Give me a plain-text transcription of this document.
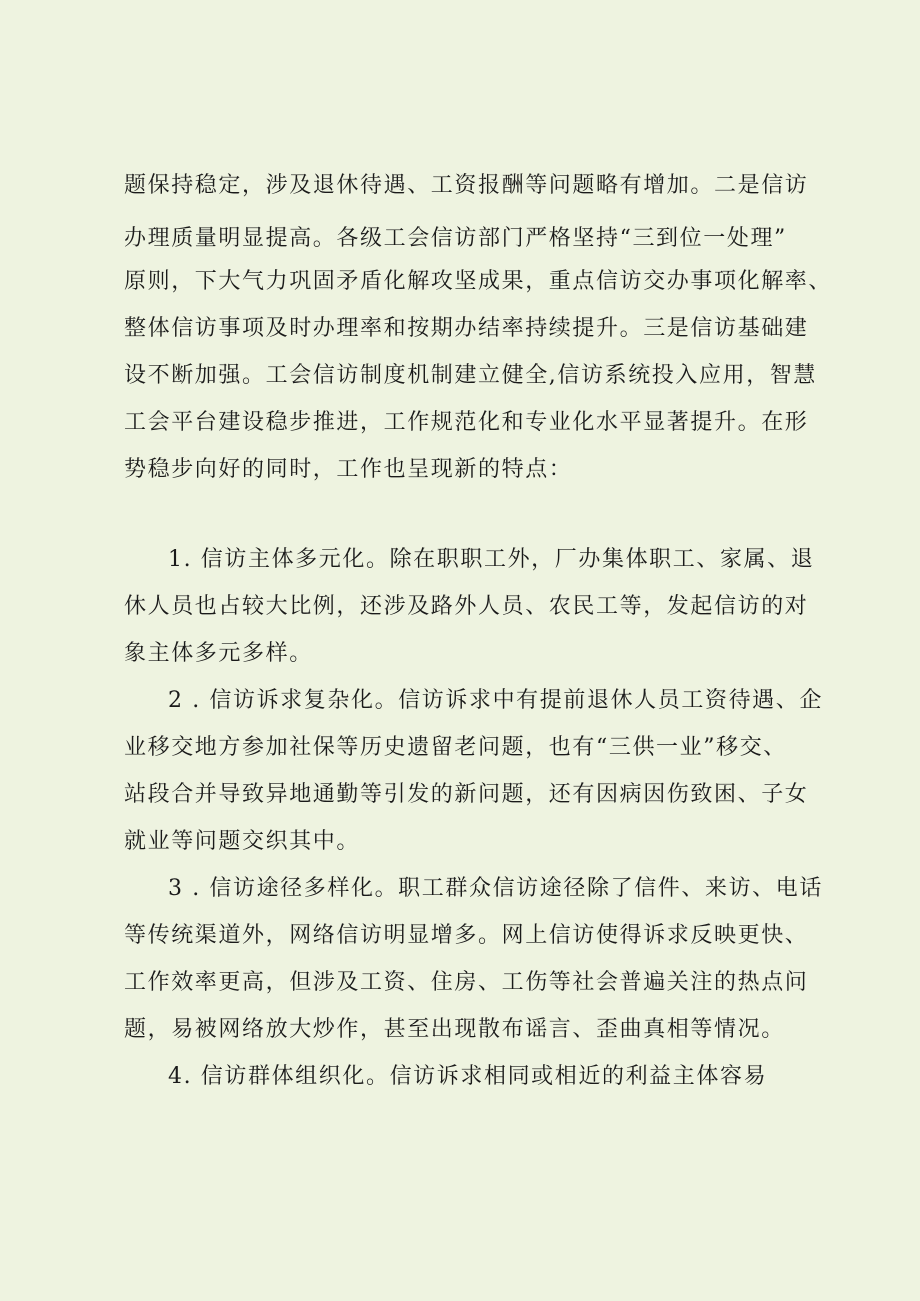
题保持稳定，涉及退休待遇、工资报酬等问题略有增加。二是信访
办理质量明显提高。各级工会信访部门严格坚持“三到位一处理”
原则，下大气力巩固矛盾化解攻坚成果，重点信访交办事项化解率、
整体信访事项及时办理率和按期办结率持续提升。三是信访基础建
设不断加强。工会信访制度机制建立健全,信访系统投入应用，智慧
工会平台建设稳步推进，工作规范化和专业化水平显著提升。在形
势稳步向好的同时，工作也呈现新的特点：
1. 信访主体多元化。除在职职工外，厂办集体职工、家属、退
休人员也占较大比例，还涉及路外人员、农民工等，发起信访的对
象主体多元多样。
2 . 信访诉求复杂化。信访诉求中有提前退休人员工资待遇、企
业移交地方参加社保等历史遗留老问题，也有“三供一业”移交、
站段合并导致异地通勤等引发的新问题，还有因病因伤致困、子女
就业等问题交织其中。
3 . 信访途径多样化。职工群众信访途径除了信件、来访、电话
等传统渠道外，网络信访明显增多。网上信访使得诉求反映更快、
工作效率更高，但涉及工资、住房、工伤等社会普遍关注的热点问
题，易被网络放大炒作，甚至出现散布谣言、歪曲真相等情况。
4. 信访群体组织化。信访诉求相同或相近的利益主体容易
